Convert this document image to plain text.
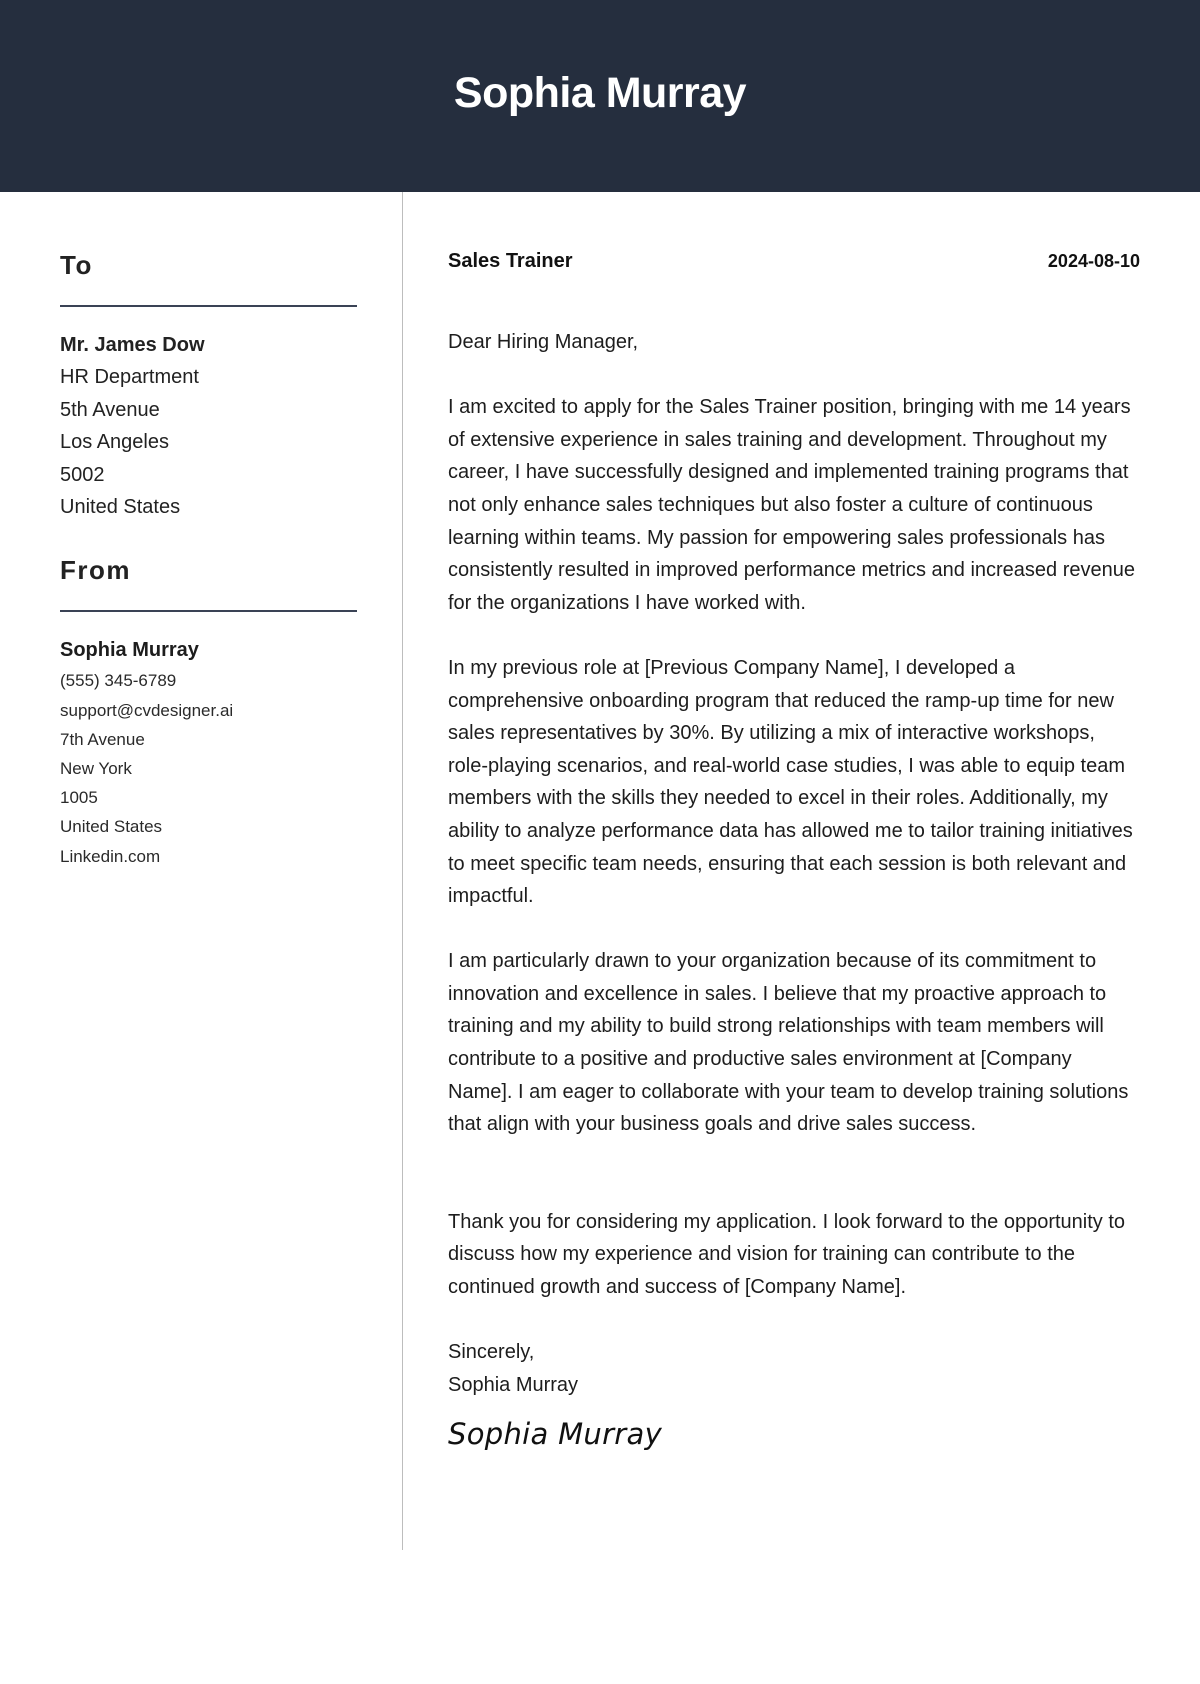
Sophia Murray
To
Mr. James Dow
HR Department
5th Avenue
Los Angeles
5002
United States
From
Sophia Murray
(555) 345-6789
support@cvdesigner.ai
7th Avenue
New York
1005
United States
Linkedin.com
Sales Trainer	2024-08-10

Dear Hiring Manager,

I am excited to apply for the Sales Trainer position, bringing with me 14 years of extensive experience in sales training and development. Throughout my career, I have successfully designed and implemented training programs that not only enhance sales techniques but also foster a culture of continuous learning within teams. My passion for empowering sales professionals has consistently resulted in improved performance metrics and increased revenue for the organizations I have worked with.

In my previous role at [Previous Company Name], I developed a comprehensive onboarding program that reduced the ramp-up time for new sales representatives by 30%. By utilizing a mix of interactive workshops, role-playing scenarios, and real-world case studies, I was able to equip team members with the skills they needed to excel in their roles. Additionally, my ability to analyze performance data has allowed me to tailor training initiatives to meet specific team needs, ensuring that each session is both relevant and impactful.

I am particularly drawn to your organization because of its commitment to innovation and excellence in sales. I believe that my proactive approach to training and my ability to build strong relationships with team members will contribute to a positive and productive sales environment at [Company Name]. I am eager to collaborate with your team to develop training solutions that align with your business goals and drive sales success.

Thank you for considering my application. I look forward to the opportunity to discuss how my experience and vision for training can contribute to the continued growth and success of [Company Name].

Sincerely,

Sophia Murray

Sophia Murray
